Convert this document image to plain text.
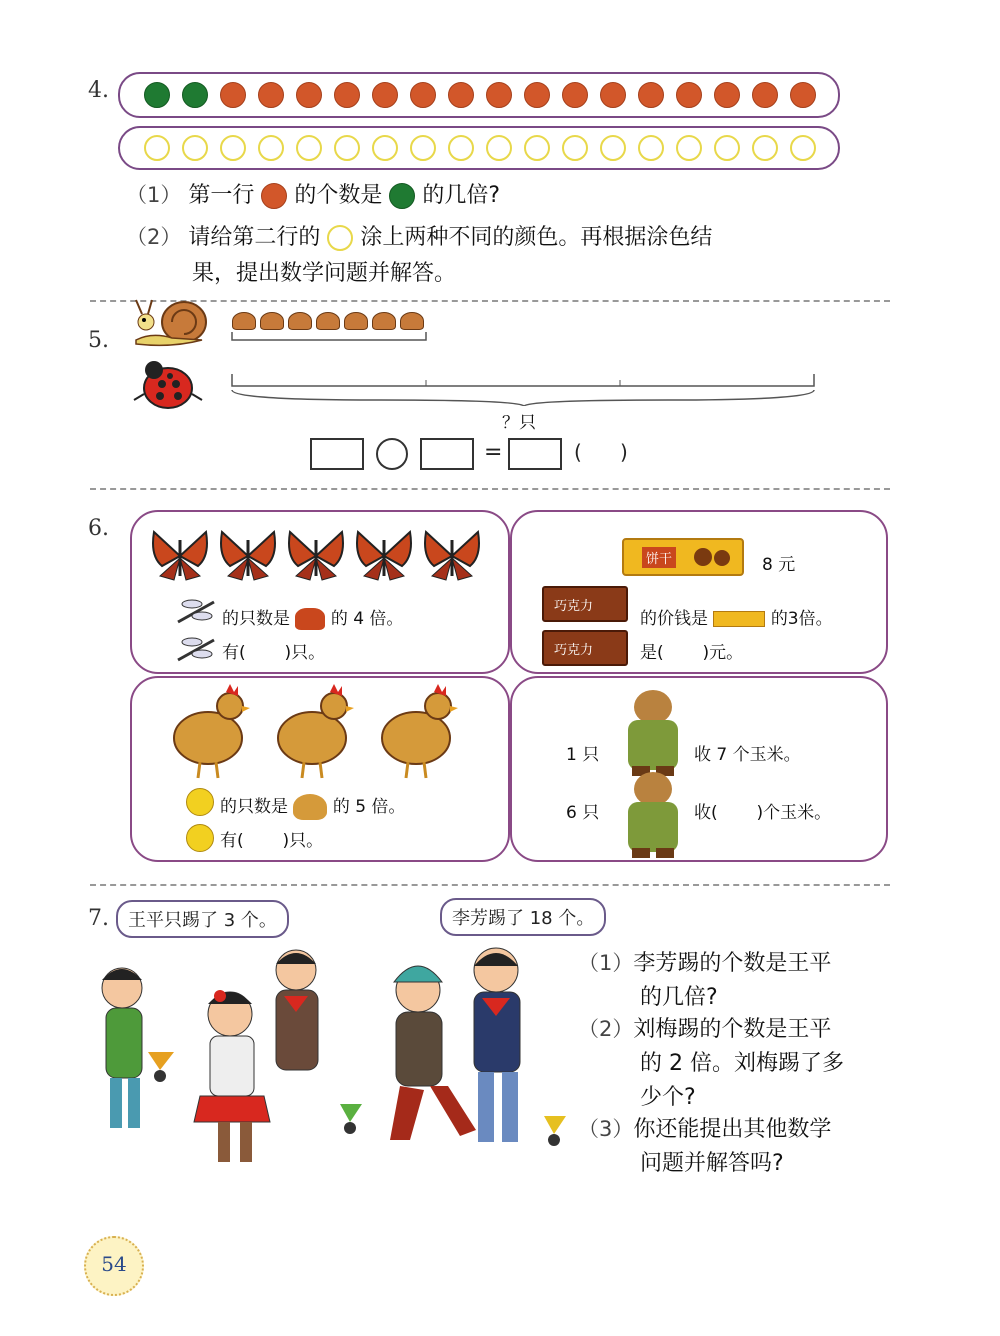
4.
（1） 第一行 的个数是 的几倍?
（2） 请给第二行的 涂上两种不同的颜色。再根据涂色结
果，提出数学问题并解答。
5.
？只
=	(      )
6.
的只数是 的 4 倍。
有( )只。
饼干	8 元
巧克力
的价钱是	的3倍。
巧克力	是( )元。
的只数是	的 5 倍。
有( )只。
1 只	收 7 个玉米。
6 只	收( )个玉米。
7.	王平只踢了 3 个。	李芳踢了 18 个。
（1）李芳踢的个数是王平
的几倍?
（2）刘梅踢的个数是王平
的 2 倍。刘梅踢了多
少个?
（3）你还能提出其他数学
问题并解答吗?
54
